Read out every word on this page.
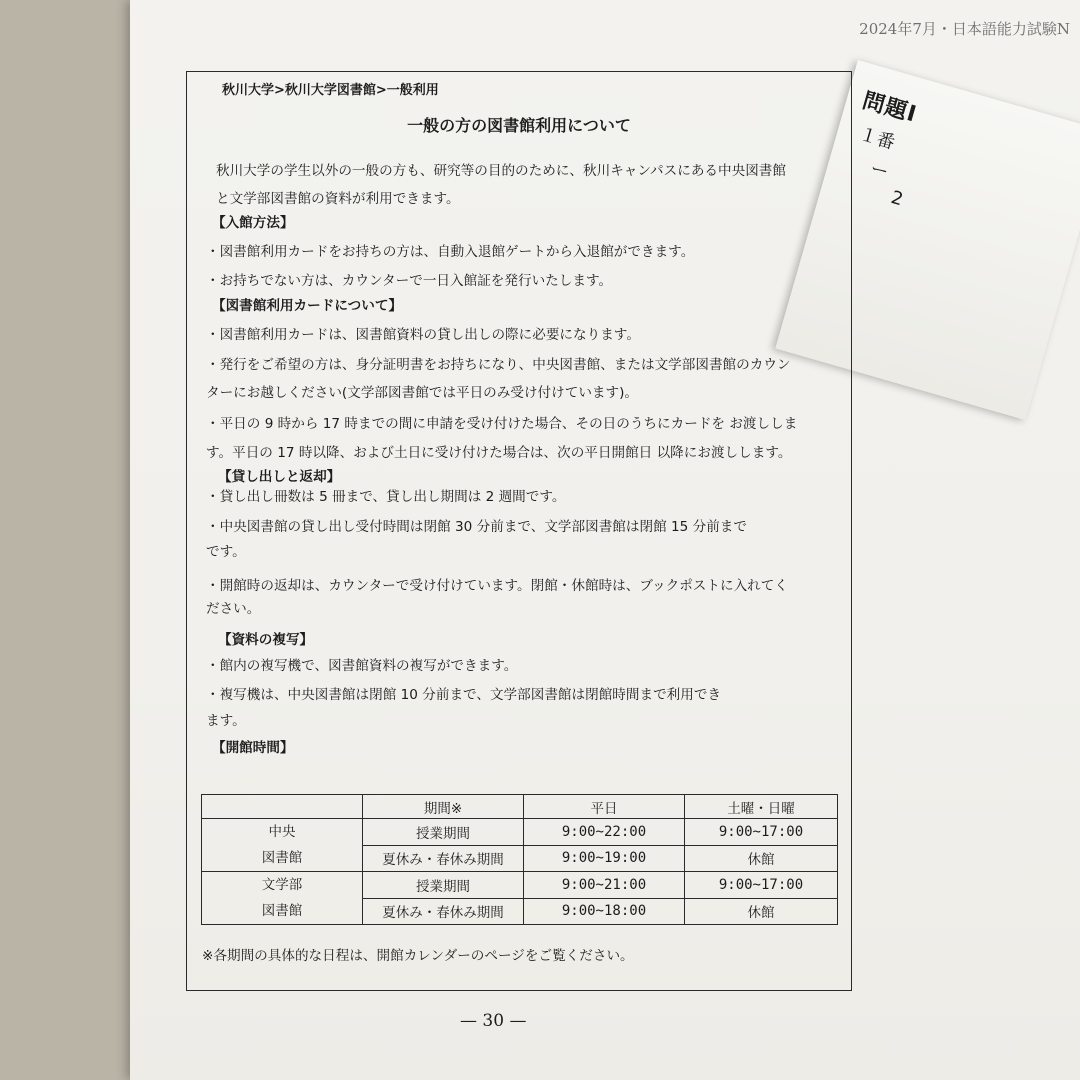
2024年7月・日本語能力試験N
問題Ⅰ
１番
ー
2
秋川大学>秋川大学図書館>一般利用
一般の方の図書館利用について
秋川大学の学生以外の一般の方も、研究等の目的のために、秋川キャンパスにある中央図書館
と文学部図書館の資料が利用できます。
【入館方法】
・図書館利用カードをお持ちの方は、自動入退館ゲートから入退館ができます。
・お持ちでない方は、カウンターで一日入館証を発行いたします。
【図書館利用カードについて】
・図書館利用カードは、図書館資料の貸し出しの際に必要になります。
・発行をご希望の方は、身分証明書をお持ちになり、中央図書館、または文学部図書館のカウン
ターにお越しください(文学部図書館では平日のみ受け付けています)。
・平日の 9 時から 17 時までの間に申請を受け付けた場合、その日のうちにカードを お渡ししま
す。平日の 17 時以降、および土日に受け付けた場合は、次の平日開館日 以降にお渡しします。
【貸し出しと返却】
・貸し出し冊数は 5 冊まで、貸し出し期間は 2 週間です。
・中央図書館の貸し出し受付時間は閉館 30 分前まで、文学部図書館は閉館 15 分前まで
です。
・開館時の返却は、カウンターで受け付けています。閉館・休館時は、ブックポストに入れてく
ださい。
【資料の複写】
・館内の複写機で、図書館資料の複写ができます。
・複写機は、中央図書館は閉館 10 分前まで、文学部図書館は閉館時間まで利用でき
ます。
【開館時間】
	期間※	平日	土曜・日曜

中央
図書館	授業期間	9:00~22:00	9:00~17:00
	夏休み・春休み期間	9:00~19:00	休館

文学部
図書館	授業期間	9:00~21:00	9:00~17:00
	夏休み・春休み期間	9:00~18:00	休館
※各期間の具体的な日程は、開館カレンダーのページをご覧ください。
— 30 —
